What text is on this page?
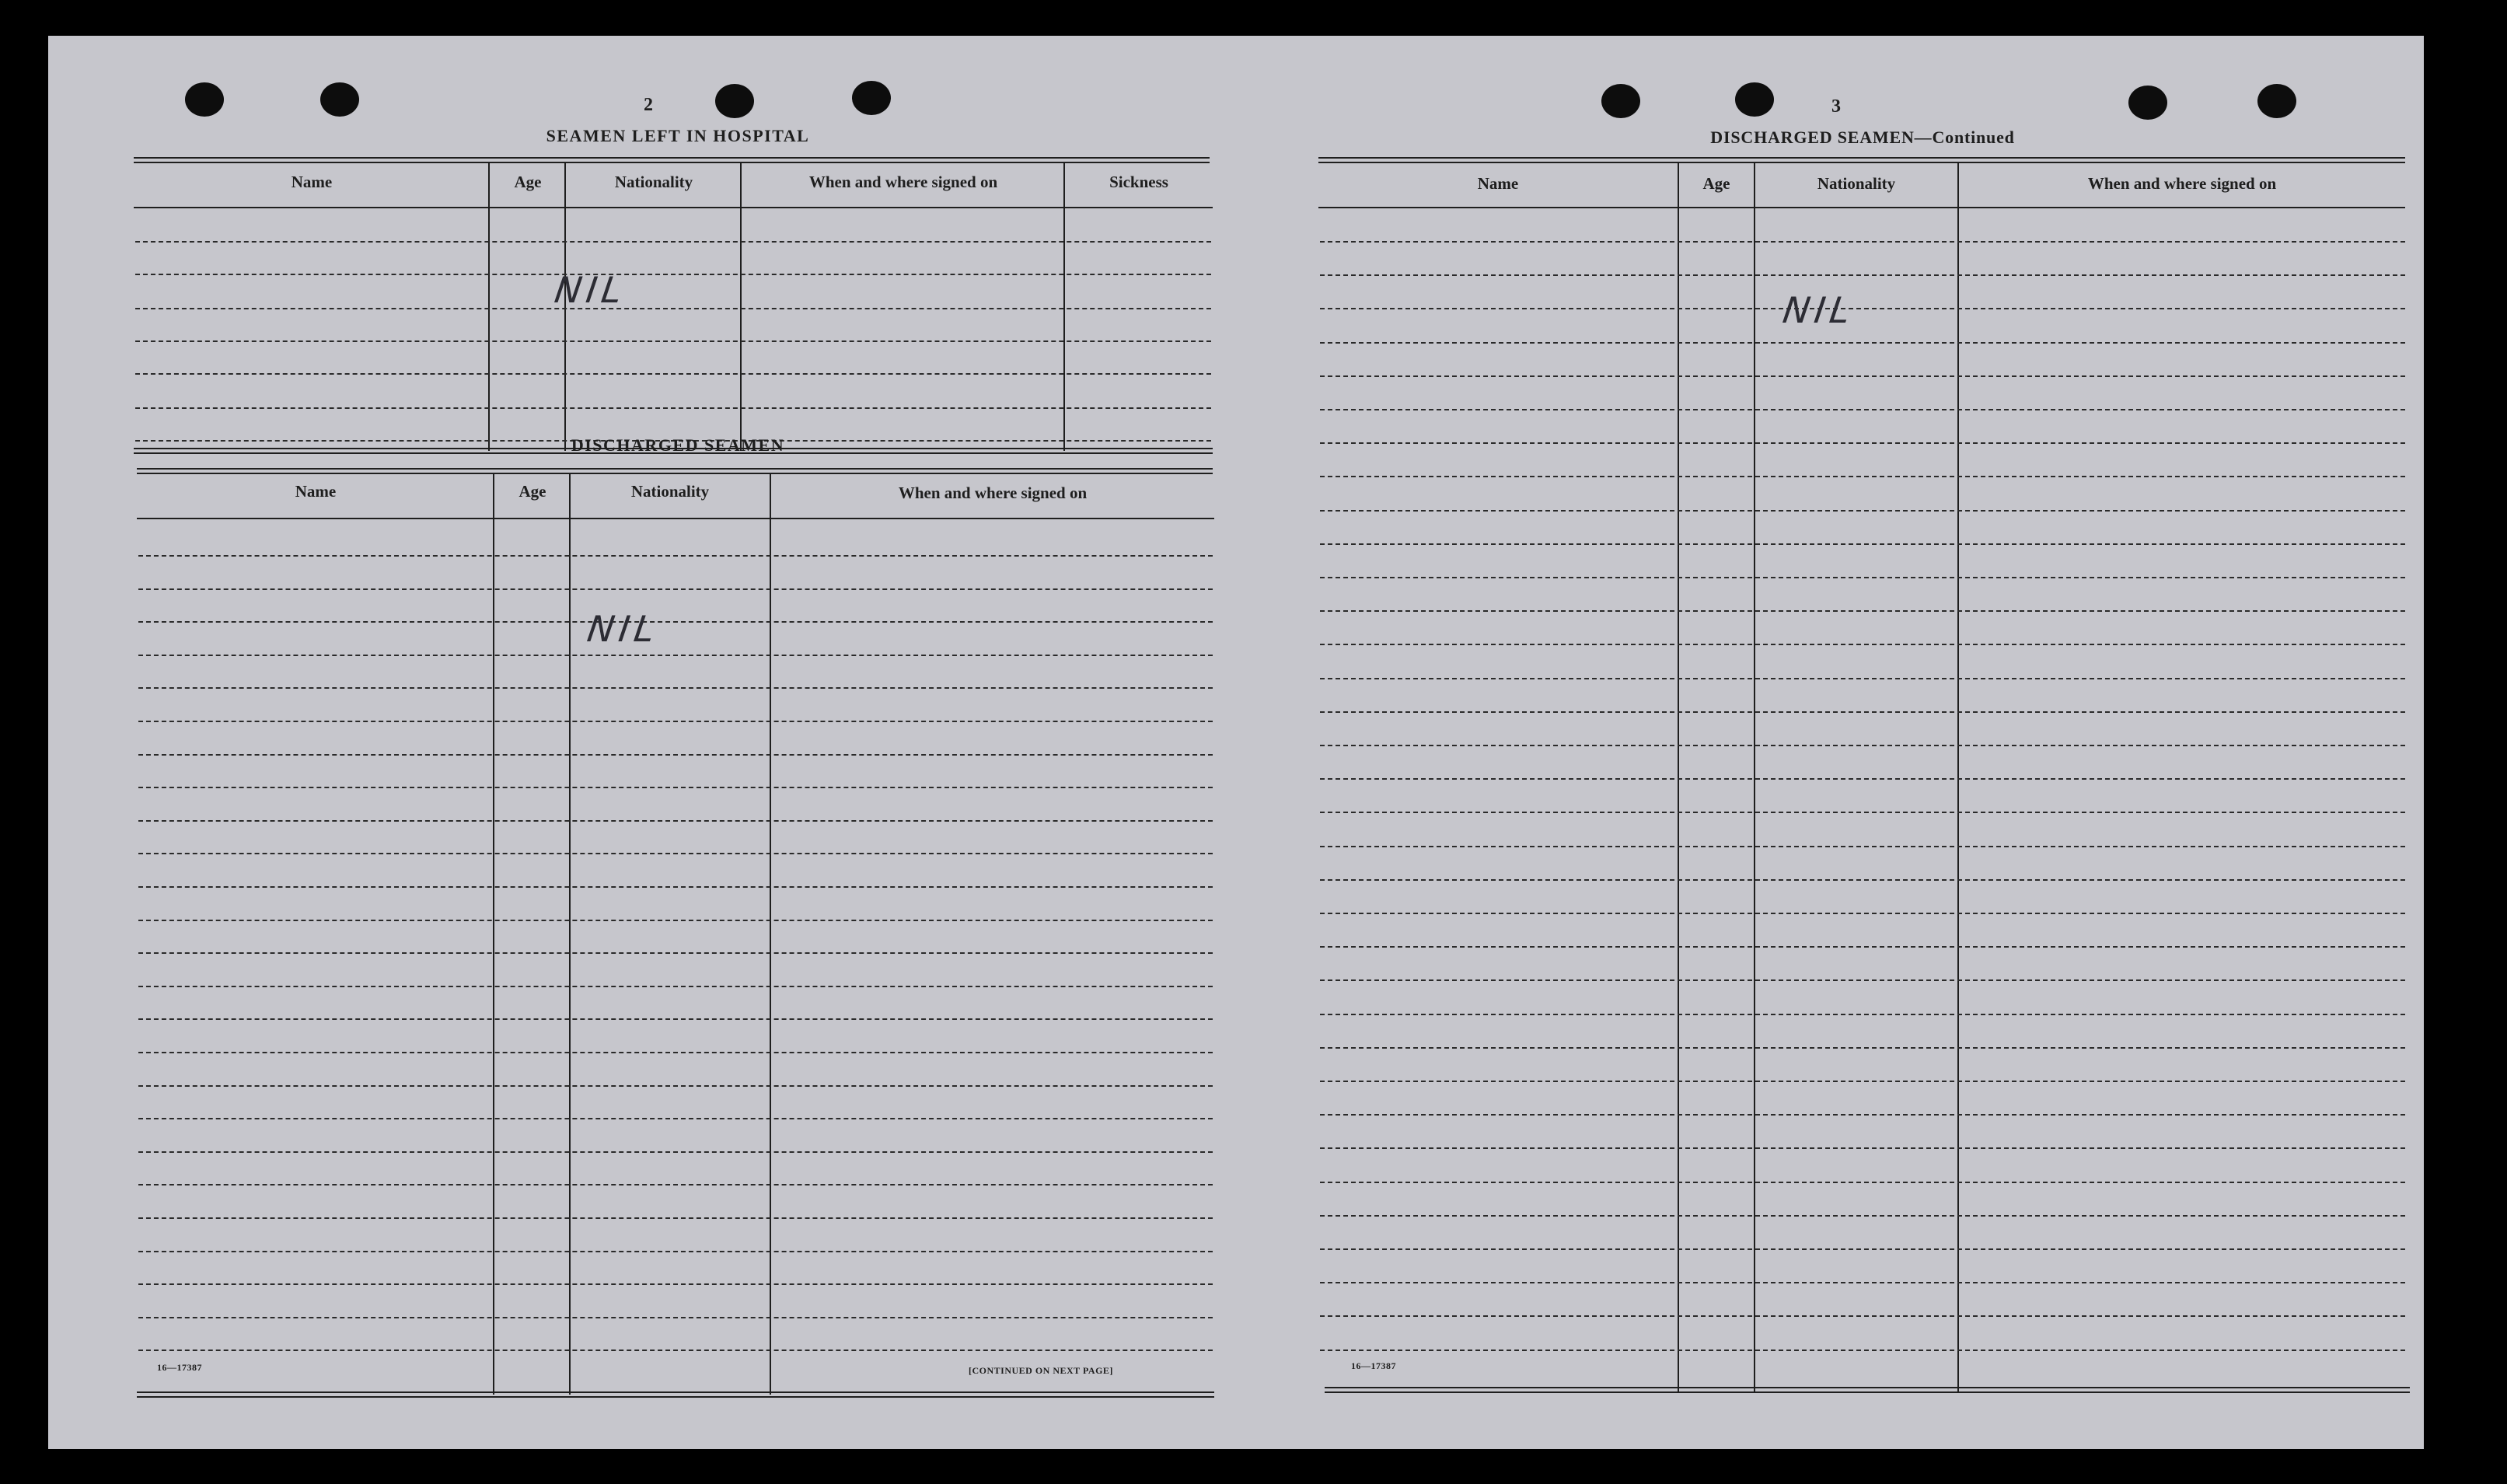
2
SEAMEN LEFT IN HOSPITAL
Name	Age	Nationality	When and where signed on	Sickness
NIL
DISCHARGED SEAMEN
Name	Age	Nationality	When and where signed on
NIL
16—17387	[CONTINUED ON NEXT PAGE]
3
DISCHARGED SEAMEN—Continued
Name	Age	Nationality	When and where signed on
NIL
16—17387
